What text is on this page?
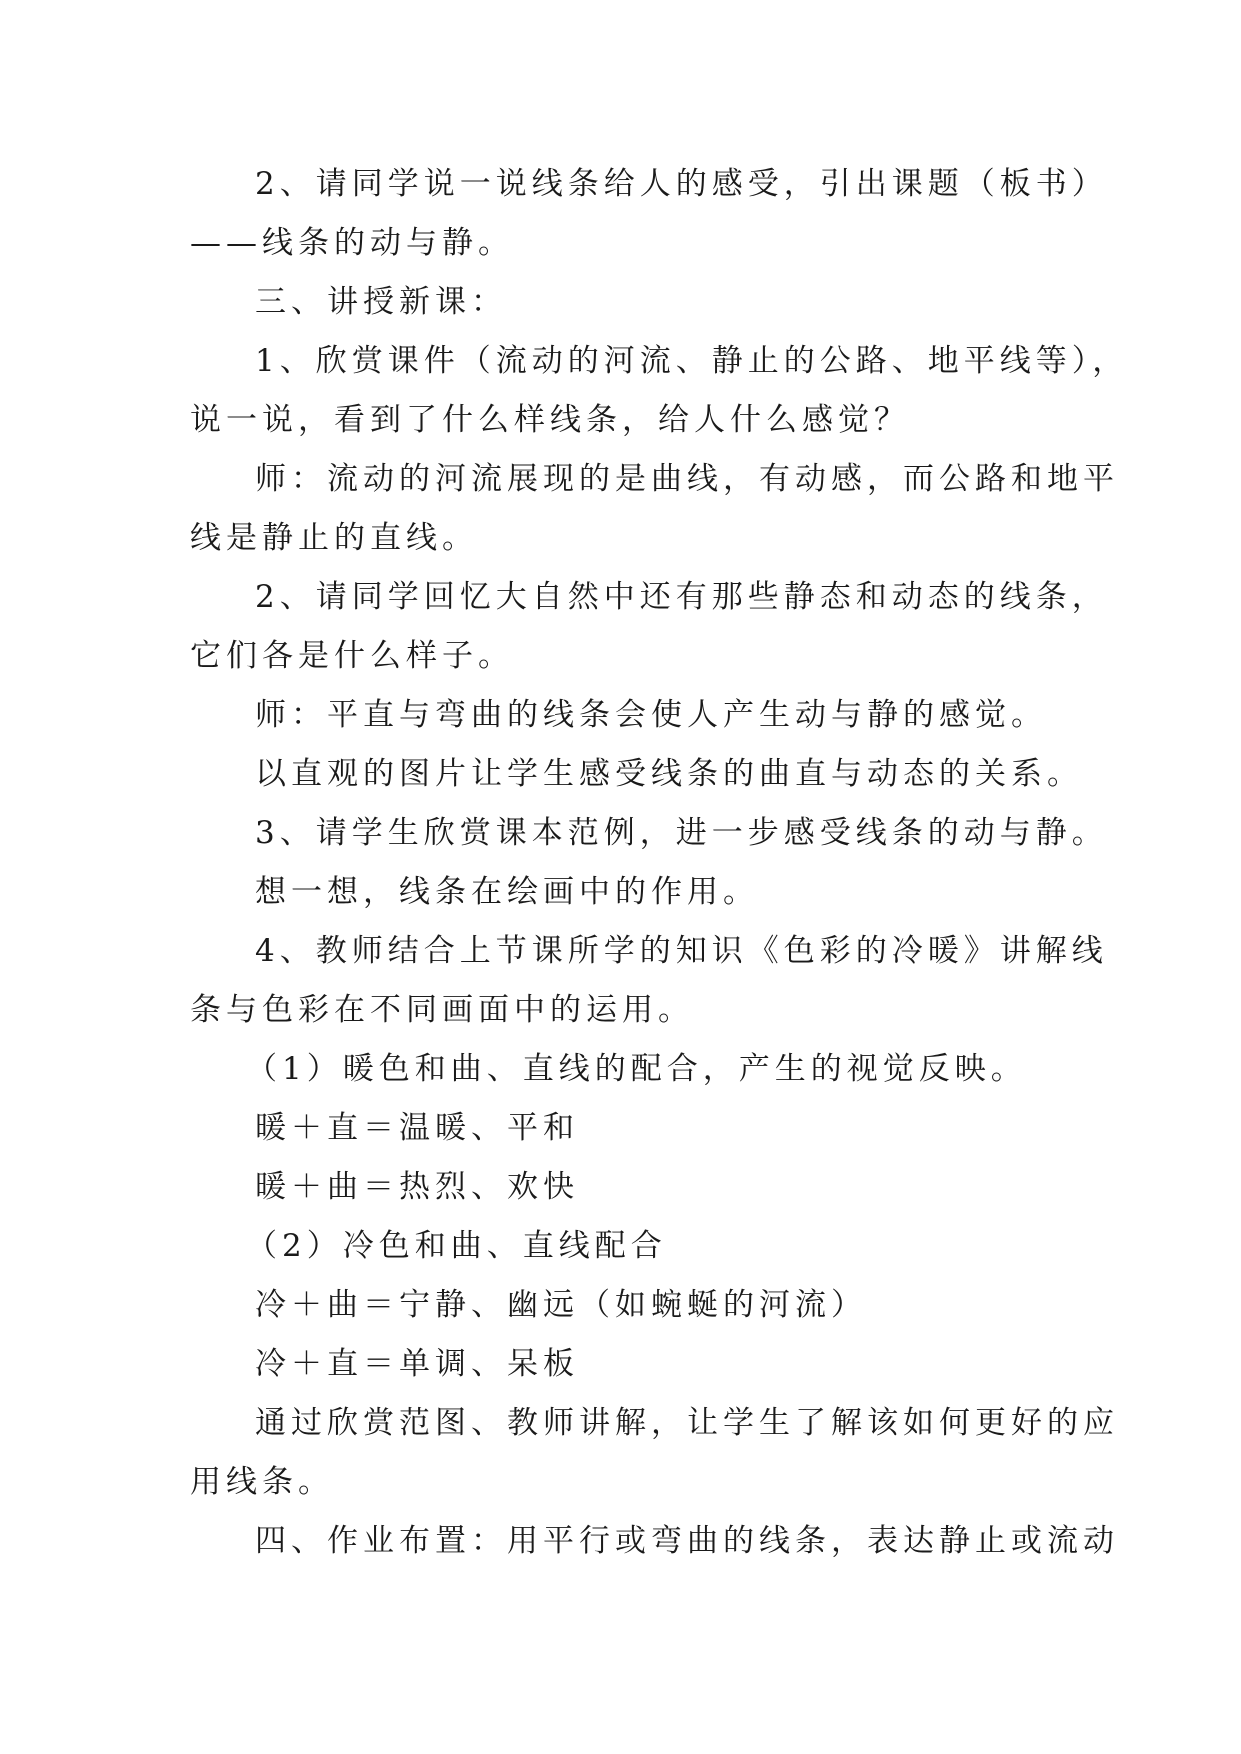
2、请同学说一说线条给人的感受，引出课题（板书）
——线条的动与静。
三、讲授新课：
1、欣赏课件（流动的河流、静止的公路、地平线等），
说一说，看到了什么样线条，给人什么感觉？
师：流动的河流展现的是曲线，有动感，而公路和地平
线是静止的直线。
2、请同学回忆大自然中还有那些静态和动态的线条，
它们各是什么样子。
师：平直与弯曲的线条会使人产生动与静的感觉。
以直观的图片让学生感受线条的曲直与动态的关系。
3、请学生欣赏课本范例，进一步感受线条的动与静。
想一想，线条在绘画中的作用。
4、教师结合上节课所学的知识《色彩的冷暖》讲解线
条与色彩在不同画面中的运用。
（1）暖色和曲、直线的配合，产生的视觉反映。
暖＋直＝温暖、平和
暖＋曲＝热烈、欢快
（2）冷色和曲、直线配合
冷＋曲＝宁静、幽远（如蜿蜒的河流）
冷＋直＝单调、呆板
通过欣赏范图、教师讲解，让学生了解该如何更好的应
用线条。
四、作业布置：用平行或弯曲的线条，表达静止或流动
